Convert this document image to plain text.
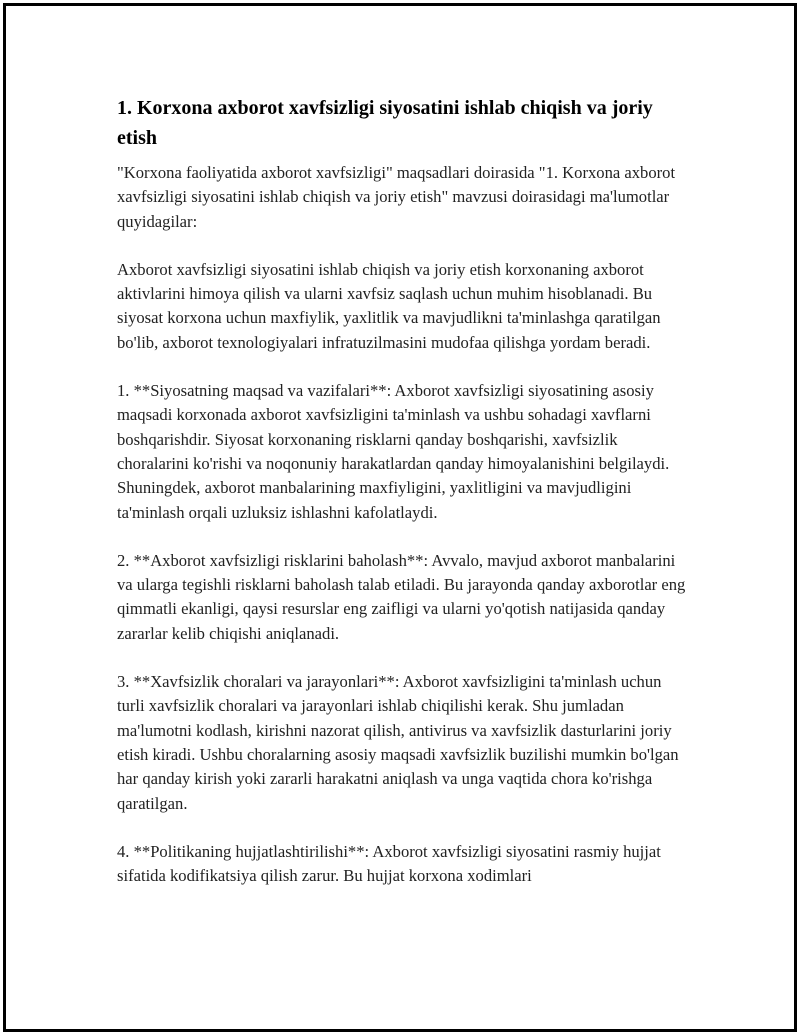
1. Korxona axborot xavfsizligi siyosatini ishlab chiqish va joriy etish

"Korxona faoliyatida axborot xavfsizligi" maqsadlari doirasida "1. Korxona axborot xavfsizligi siyosatini ishlab chiqish va joriy etish" mavzusi doirasidagi ma'lumotlar quyidagilar:

Axborot xavfsizligi siyosatini ishlab chiqish va joriy etish korxonaning axborot aktivlarini himoya qilish va ularni xavfsiz saqlash uchun muhim hisoblanadi. Bu siyosat korxona uchun maxfiylik, yaxlitlik va mavjudlikni ta'minlashga qaratilgan bo'lib, axborot texnologiyalari infratuzilmasini mudofaa qilishga yordam beradi.

1. **Siyosatning maqsad va vazifalari**: Axborot xavfsizligi siyosatining asosiy maqsadi korxonada axborot xavfsizligini ta'minlash va ushbu sohadagi xavflarni boshqarishdir. Siyosat korxonaning risklarni qanday boshqarishi, xavfsizlik choralarini ko'rishi va noqonuniy harakatlardan qanday himoyalanishini belgilaydi. Shuningdek, axborot manbalarining maxfiyligini, yaxlitligini va mavjudligini ta'minlash orqali uzluksiz ishlashni kafolatlaydi.

2. **Axborot xavfsizligi risklarini baholash**: Avvalo, mavjud axborot manbalarini va ularga tegishli risklarni baholash talab etiladi. Bu jarayonda qanday axborotlar eng qimmatli ekanligi, qaysi resurslar eng zaifligi va ularni yo'qotish natijasida qanday zararlar kelib chiqishi aniqlanadi.

3. **Xavfsizlik choralari va jarayonlari**: Axborot xavfsizligini ta'minlash uchun turli xavfsizlik choralari va jarayonlari ishlab chiqilishi kerak. Shu jumladan ma'lumotni kodlash, kirishni nazorat qilish, antivirus va xavfsizlik dasturlarini joriy etish kiradi. Ushbu choralarning asosiy maqsadi xavfsizlik buzilishi mumkin bo'lgan har qanday kirish yoki zararli harakatni aniqlash va unga vaqtida chora ko'rishga qaratilgan.

4. **Politikaning hujjatlashtirilishi**: Axborot xavfsizligi siyosatini rasmiy hujjat sifatida kodifikatsiya qilish zarur. Bu hujjat korxona xodimlari
